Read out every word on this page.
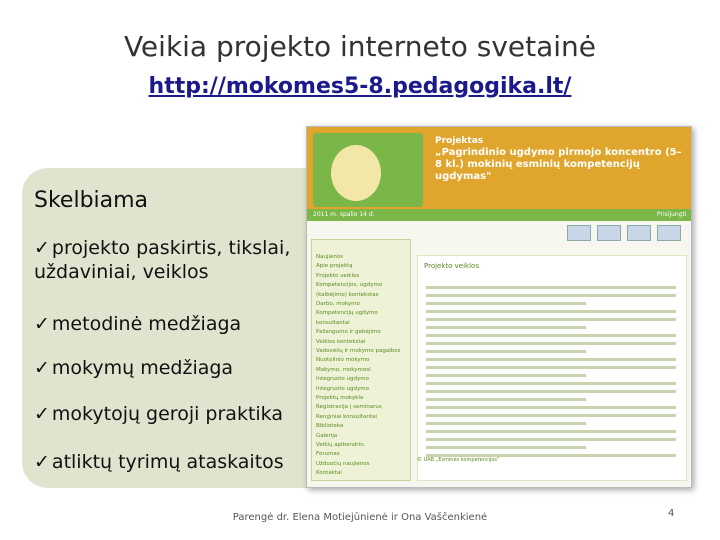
Veikia projekto interneto svetainė
http://mokomes5-8.pedagogika.lt/
Skelbiama
✓ projekto paskirtis, tikslai, uždaviniai, veiklos
✓ metodinė medžiaga
✓ mokymų medžiaga
✓ mokytojų geroji praktika
✓ atliktų tyrimų ataskaitos
Projektas
„Pagrindinio ugdymo pirmojo koncentro (5–8 kl.) mokinių esminių kompetencijų ugdymas"
2011 m. spalio 14 d.	Prisijungti
Naujienos
Apie projektą
Projekto veiklos
Kompetencijos, ugdymo
(kalbėjimo) kontekstas
Darbo, mokymo
Kompetencijų ugdymo
konsultantai
Pažangumo ir gebėjimo
Veiklos kontekstai
Vadovėlių ir mokymo pagalbos
Nuotolinio mokymo
Mokymo, mokymosi
Integruoto ugdymo
Integruoto ugdymo
Projektų mokykla
Registracija į seminarus
Renginiai konsultantai
Biblioteka
Galerija
Veiklų apibendrin.
Forumas
Užduočių naujienos
Kontaktai
Projekto veiklos
© UAB „Esminės kompetencijos"
Parengė dr. Elena Motiejūnienė ir Ona Vaščenkienė	4
